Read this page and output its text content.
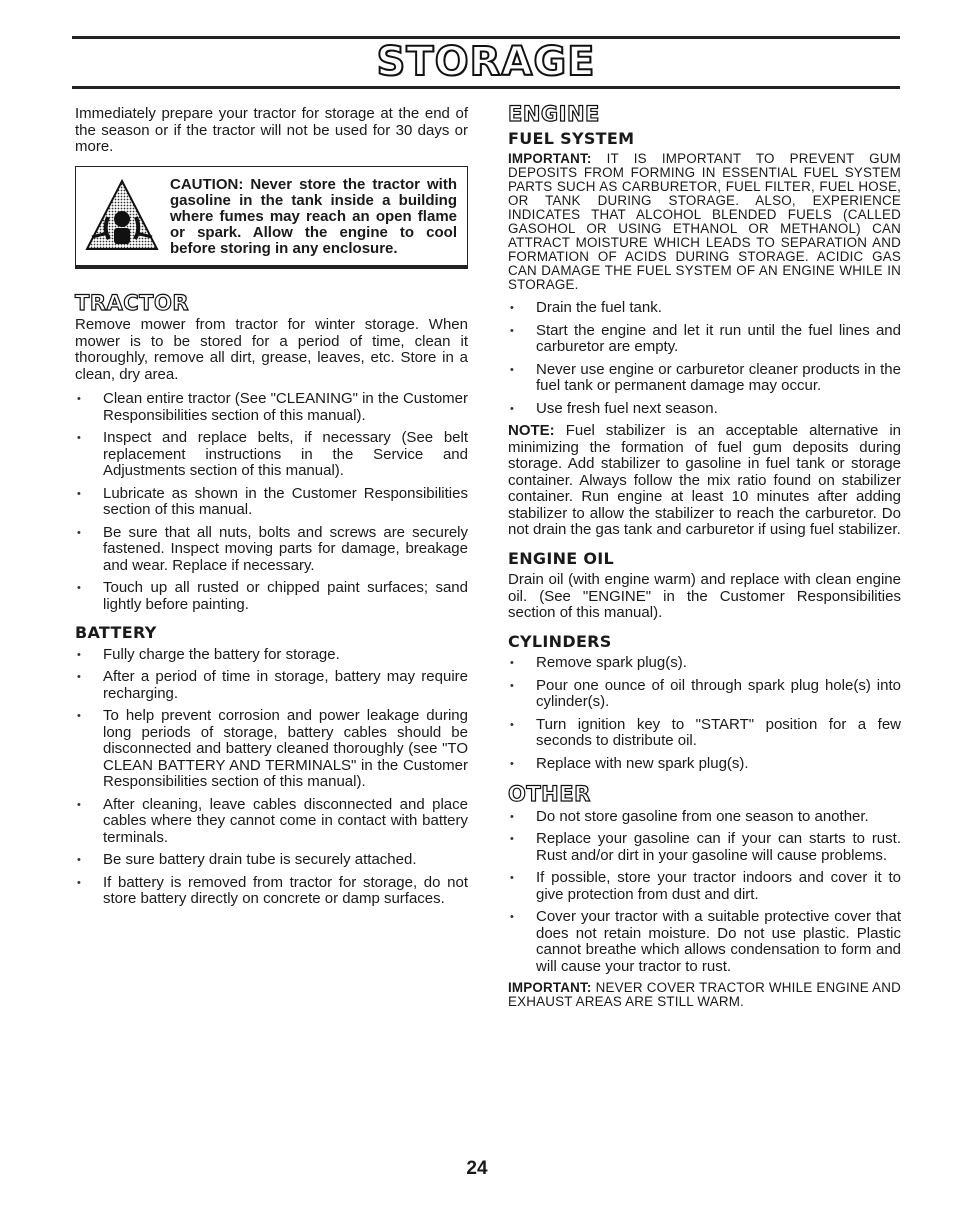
STORAGE

Immediately prepare your tractor for storage at the end of the season or if the tractor will not be used for 30 days or more.

CAUTION: Never store the tractor with gasoline in the tank inside a building where fumes may reach an open flame or spark. Allow the engine to cool before storing in any enclosure.
TRACTOR

Remove mower from tractor for winter storage. When mower is to be stored for a period of time, clean it thoroughly, remove all dirt, grease, leaves, etc. Store in a clean, dry area.

• Clean entire tractor (See "CLEANING" in the Customer Responsibilities section of this manual).
• Inspect and replace belts, if necessary (See belt replacement instructions in the Service and Adjustments section of this manual).
• Lubricate as shown in the Customer Responsibilities section of this manual.
• Be sure that all nuts, bolts and screws are securely fastened. Inspect moving parts for damage, breakage and wear. Replace if necessary.
• Touch up all rusted or chipped paint surfaces; sand lightly before painting.
BATTERY
• Fully charge the battery for storage.
• After a period of time in storage, battery may require recharging.
• To help prevent corrosion and power leakage during long periods of storage, battery cables should be disconnected and battery cleaned thoroughly (see "TO CLEAN BATTERY AND TERMINALS" in the Customer Responsibilities section of this manual).
• After cleaning, leave cables disconnected and place cables where they cannot come in contact with battery terminals.
• Be sure battery drain tube is securely attached.
• If battery is removed from tractor for storage, do not store battery directly on concrete or damp surfaces.
ENGINE
FUEL SYSTEM

IMPORTANT: IT IS IMPORTANT TO PREVENT GUM DEPOSITS FROM FORMING IN ESSENTIAL FUEL SYSTEM PARTS SUCH AS CARBURETOR, FUEL FILTER, FUEL HOSE, OR TANK DURING STORAGE. ALSO, EXPERIENCE INDICATES THAT ALCOHOL BLENDED FUELS (CALLED GASOHOL OR USING ETHANOL OR METHANOL) CAN ATTRACT MOISTURE WHICH LEADS TO SEPARATION AND FORMATION OF ACIDS DURING STORAGE. ACIDIC GAS CAN DAMAGE THE FUEL SYSTEM OF AN ENGINE WHILE IN STORAGE.

• Drain the fuel tank.
• Start the engine and let it run until the fuel lines and carburetor are empty.
• Never use engine or carburetor cleaner products in the fuel tank or permanent damage may occur.
• Use fresh fuel next season.

NOTE: Fuel stabilizer is an acceptable alternative in minimizing the formation of fuel gum deposits during storage. Add stabilizer to gasoline in fuel tank or storage container. Always follow the mix ratio found on stabilizer container. Run engine at least 10 minutes after adding stabilizer to allow the stabilizer to reach the carburetor. Do not drain the gas tank and carburetor if using fuel stabilizer.

ENGINE OIL

Drain oil (with engine warm) and replace with clean engine oil. (See "ENGINE" in the Customer Responsibilities section of this manual).

CYLINDERS
• Remove spark plug(s).
• Pour one ounce of oil through spark plug hole(s) into cylinder(s).
• Turn ignition key to "START" position for a few seconds to distribute oil.
• Replace with new spark plug(s).
OTHER
• Do not store gasoline from one season to another.
• Replace your gasoline can if your can starts to rust. Rust and/or dirt in your gasoline will cause problems.
• If possible, store your tractor indoors and cover it to give protection from dust and dirt.
• Cover your tractor with a suitable protective cover that does not retain moisture. Do not use plastic. Plastic cannot breathe which allows condensation to form and will cause your tractor to rust.

IMPORTANT: NEVER COVER TRACTOR WHILE ENGINE AND EXHAUST AREAS ARE STILL WARM.

24
